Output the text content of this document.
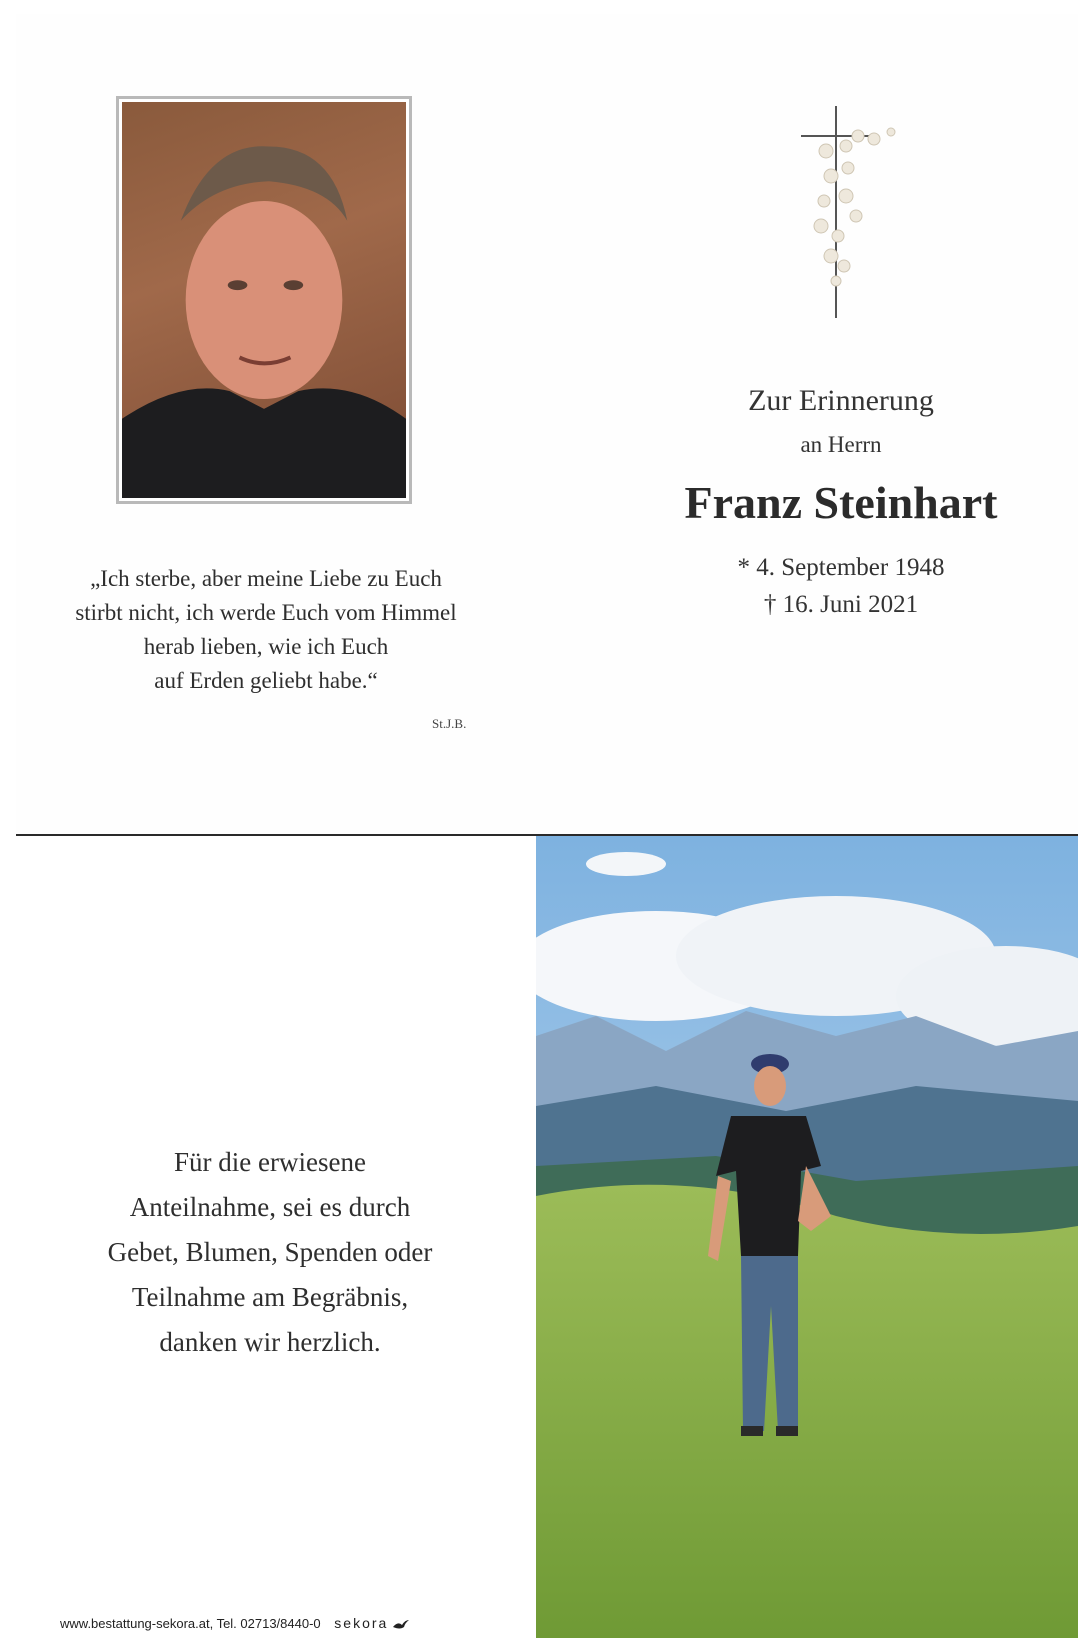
„Ich sterbe, aber meine Liebe zu Euch
stirbt nicht, ich werde Euch vom Himmel
herab lieben, wie ich Euch
auf Erden geliebt habe.“
St.J.B.
Zur Erinnerung
an Herrn
Franz Steinhart
* 4. September 1948
† 16. Juni 2021
Für die erwiesene
Anteilnahme, sei es durch
Gebet, Blumen, Spenden oder
Teilnahme am Begräbnis,
danken wir herzlich.
www.bestattung-sekora.at, Tel. 02713/8440-0 sekora
